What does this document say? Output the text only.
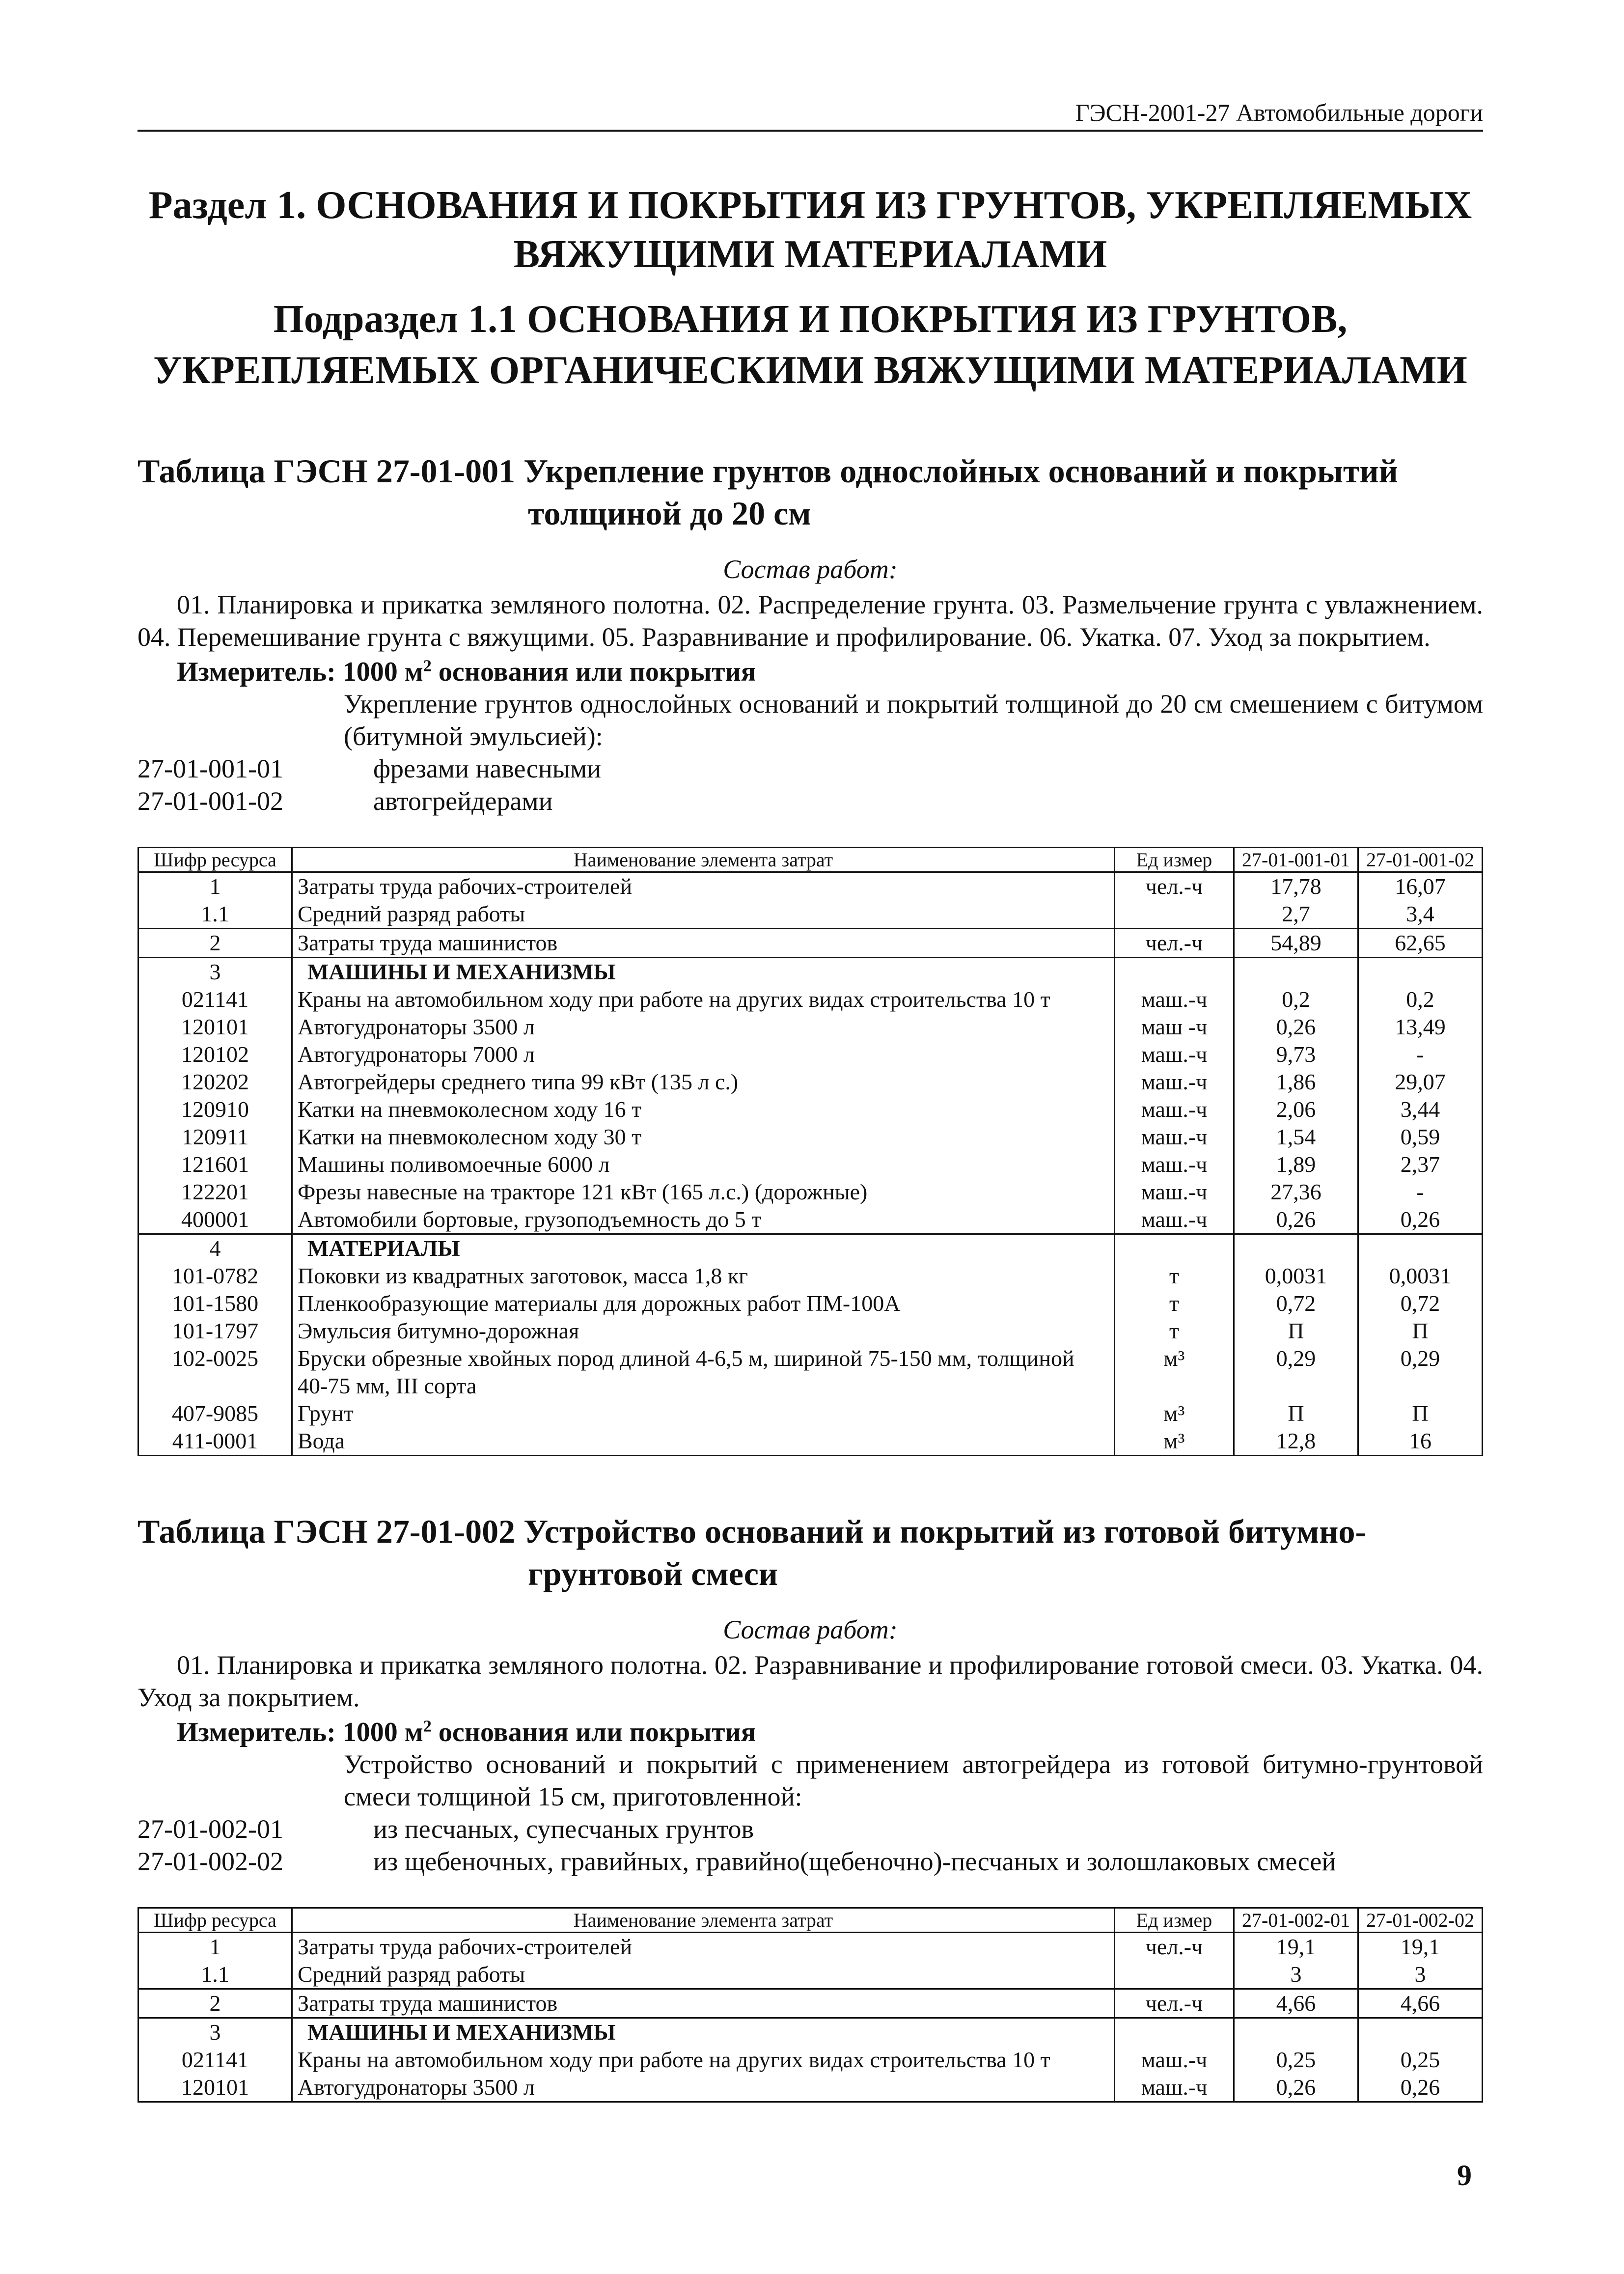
ГЭСН-2001-27 Автомобильные дороги
Раздел 1. ОСНОВАНИЯ И ПОКРЫТИЯ ИЗ ГРУНТОВ, УКРЕПЛЯЕМЫХ ВЯЖУЩИМИ МАТЕРИАЛАМИ
Подраздел 1.1 ОСНОВАНИЯ И ПОКРЫТИЯ ИЗ ГРУНТОВ, УКРЕПЛЯЕМЫХ ОРГАНИЧЕСКИМИ ВЯЖУЩИМИ МАТЕРИАЛАМИ
Таблица ГЭСН 27-01-001 Укрепление грунтов однослойных оснований и покрытий
толщиной до 20 см
Состав работ:
01. Планировка и прикатка земляного полотна. 02. Распределение грунта. 03. Размельчение грунта с увлажнением. 04. Перемешивание грунта с вяжущими. 05. Разравнивание и профилирование. 06. Укатка. 07. Уход за покрытием.
Измеритель: 1000 $м^2$ основания или покрытия
Укрепление грунтов однослойных оснований и покрытий толщиной до 20 см смешением с битумом (битумной эмульсией):
27-01-001-01	фрезами навесными
27-01-001-02	автогрейдерами
Шифр ресурса	Наименование элемента затрат	Ед измер	27-01-001-01	27-01-001-02
1	Затраты труда рабочих-строителей	чел.-ч	17,78	16,07
1.1	Средний разряд работы		2,7	3,4
2	Затраты труда машинистов	чел.-ч	54,89	62,65
3	МАШИНЫ И МЕХАНИЗМЫ			
021141	Краны на автомобильном ходу при работе на других видах строительства 10 т	маш.-ч	0,2	0,2
120101	Автогудронаторы 3500 л	маш -ч	0,26	13,49
120102	Автогудронаторы 7000 л	маш.-ч	9,73	-
120202	Автогрейдеры среднего типа 99 кВт (135 л с.)	маш.-ч	1,86	29,07
120910	Катки на пневмоколесном ходу 16 т	маш.-ч	2,06	3,44
120911	Катки на пневмоколесном ходу 30 т	маш.-ч	1,54	0,59
121601	Машины поливомоечные 6000 л	маш.-ч	1,89	2,37
122201	Фрезы навесные на тракторе 121 кВт (165 л.с.) (дорожные)	маш.-ч	27,36	-
400001	Автомобили бортовые, грузоподъемность до 5 т	маш.-ч	0,26	0,26
4	МАТЕРИАЛЫ			
101-0782	Поковки из квадратных заготовок, масса 1,8 кг	т	0,0031	0,0031
101-1580	Пленкообразующие материалы для дорожных работ ПМ-100А	т	0,72	0,72
101-1797	Эмульсия битумно-дорожная	т	П	П
102-0025	Бруски обрезные хвойных пород длиной 4-6,5 м, шириной 75-150 мм, толщиной 40-75 мм, III сорта	м³	0,29	0,29
407-9085	Грунт	м³	П	П
411-0001	Вода	м³	12,8	16
Таблица ГЭСН 27-01-002 Устройство оснований и покрытий из готовой битумно-
грунтовой смеси
Состав работ:
01. Планировка и прикатка земляного полотна. 02. Разравнивание и профилирование готовой смеси. 03. Укатка. 04. Уход за покрытием.
Измеритель: 1000 $м^2$ основания или покрытия
Устройство оснований и покрытий с применением автогрейдера из готовой битумно-грунтовой смеси толщиной 15 см, приготовленной:
27-01-002-01	из песчаных, супесчаных грунтов
27-01-002-02	из щебеночных, гравийных, гравийно(щебеночно)-песчаных и золошлаковых смесей
Шифр ресурса	Наименование элемента затрат	Ед измер	27-01-002-01	27-01-002-02
1	Затраты труда рабочих-строителей	чел.-ч	19,1	19,1
1.1	Средний разряд работы		3	3
2	Затраты труда машинистов	чел.-ч	4,66	4,66
3	МАШИНЫ И МЕХАНИЗМЫ			
021141	Краны на автомобильном ходу при работе на других видах строительства 10 т	маш.-ч	0,25	0,25
120101	Автогудронаторы 3500 л	маш.-ч	0,26	0,26
9
